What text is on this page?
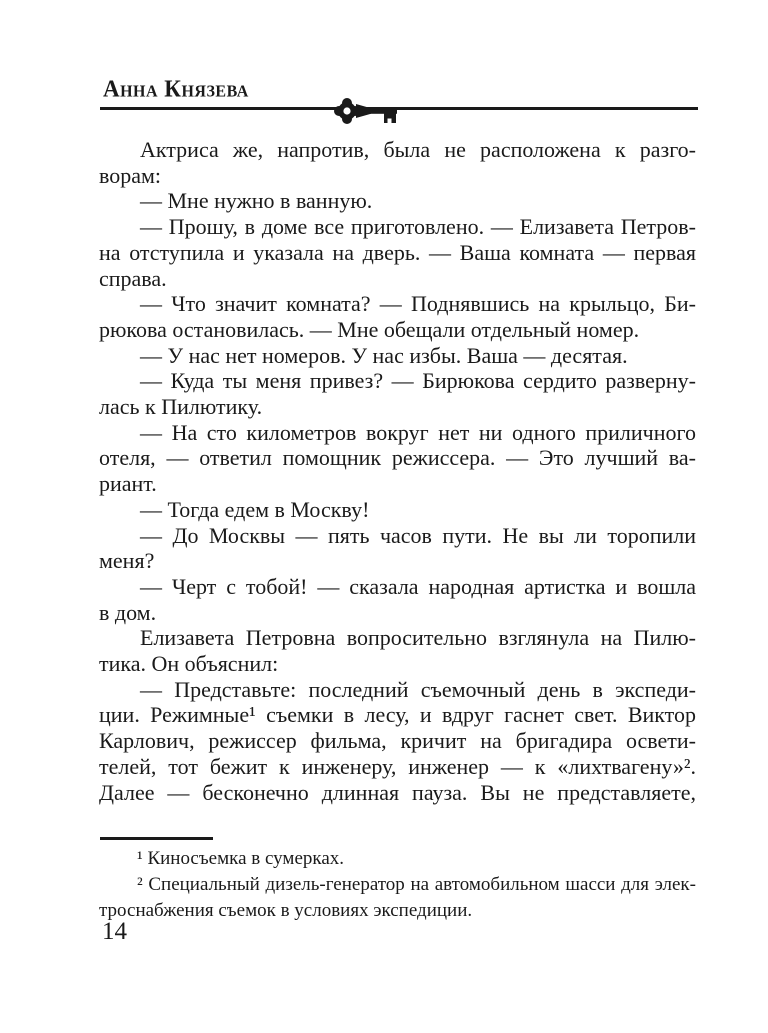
Анна Князева
Актриса же, напротив, была не расположена к разго-
ворам:
— Мне нужно в ванную.
— Прошу, в доме все приготовлено. — Елизавета Петров-
на отступила и указала на дверь. — Ваша комната — первая
справа.
— Что значит комната? — Поднявшись на крыльцо, Би-
рюкова остановилась. — Мне обещали отдельный номер.
— У нас нет номеров. У нас избы. Ваша — десятая.
— Куда ты меня привез? — Бирюкова сердито разверну-
лась к Пилютику.
— На сто километров вокруг нет ни одного приличного
отеля, — ответил помощник режиссера. — Это лучший ва-
риант.
— Тогда едем в Москву!
— До Москвы — пять часов пути. Не вы ли торопили
меня?
— Черт с тобой! — сказала народная артистка и вошла
в дом.
Елизавета Петровна вопросительно взглянула на Пилю-
тика. Он объяснил:
— Представьте: последний съемочный день в экспеди-
ции. Режимные¹ съемки в лесу, и вдруг гаснет свет. Виктор
Карлович, режиссер фильма, кричит на бригадира освети-
телей, тот бежит к инженеру, инженер — к «лихтвагену»².
Далее — бесконечно длинная пауза. Вы не представляете,
¹ Киносъемка в сумерках.
² Специальный дизель-генератор на автомобильном шасси для элек-
троснабжения съемок в условиях экспедиции.
14
